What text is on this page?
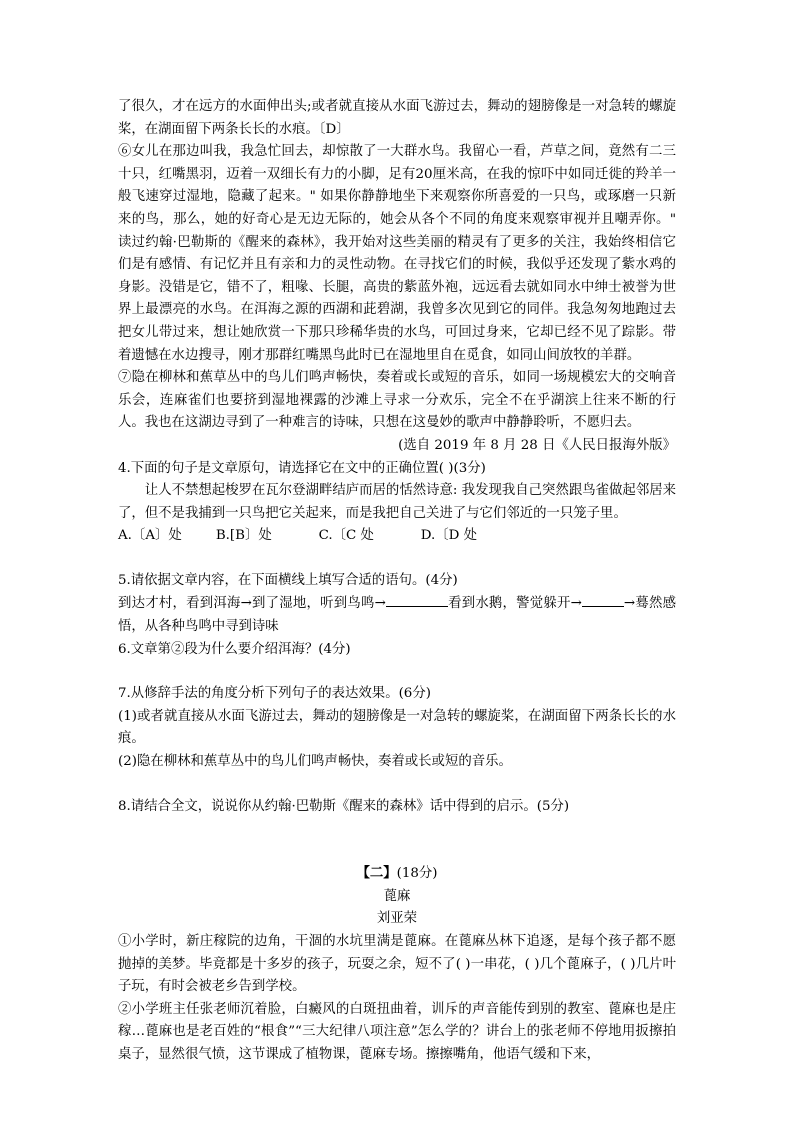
了很久，才在远方的水面伸出头;或者就直接从水面飞游过去，舞动的翅膀像是一对急转的螺旋桨，在湖面留下两条长长的水痕。〔D〕

⑥女儿在那边叫我，我急忙回去，却惊散了一大群水鸟。我留心一看，芦草之间，竟然有二三十只，红嘴黑羽，迈着一双细长有力的小脚，足有20厘米高，在我的惊吓中如同迁徙的羚羊一般飞速穿过湿地，隐藏了起来。" 如果你静静地坐下来观察你所喜爱的一只鸟，或琢磨一只新来的鸟，那么，她的好奇心是无边无际的，她会从各个不同的角度来观察审视并且嘲弄你。" 读过约翰·巴勒斯的《醒来的森林》，我开始对这些美丽的精灵有了更多的关注，我始终相信它们是有感情、有记忆并且有亲和力的灵性动物。在寻找它们的时候，我似乎还发现了紫水鸡的身影。没错是它，错不了，粗喙、长腿，高贵的紫蓝外袍，远远看去就如同水中绅士被誉为世界上最漂亮的水鸟。在洱海之源的西湖和茈碧湖，我曾多次见到它的同伴。我急匆匆地跑过去把女儿带过来，想让她欣赏一下那只珍稀华贵的水鸟，可回过身来，它却已经不见了踪影。带着遗憾在水边搜寻，刚才那群红嘴黑鸟此时已在湿地里自在觅食，如同山间放牧的羊群。

⑦隐在柳林和蕉草丛中的鸟儿们鸣声畅快，奏着或长或短的音乐，如同一场规模宏大的交响音乐会，连麻雀们也要挤到湿地裸露的沙滩上寻求一分欢乐，完全不在乎湖滨上往来不断的行人。我也在这湖边寻到了一种难言的诗味，只想在这曼妙的歌声中静静聆听，不愿归去。

(选自 2019 年 8 月 28 日《人民日报海外版》

4.下面的句子是文章原句，请选择它在文中的正确位置( )(3分)

让人不禁想起梭罗在瓦尔登湖畔结庐而居的恬然诗意: 我发现我自己突然跟鸟雀做起邻居来了，但不是我捕到一只鸟把它关起来，而是我把自己关进了与它们邻近的一只笼子里。

A.〔A〕处        B.[B〕处           C.〔C 处           D.〔D 处

5.请依据文章内容，在下面横线上填写合适的语句。(4分)

到达才村，看到洱海→到了湿地，听到鸟鸣→	看到水鹅，警觉躲开→	→蓦然感悟，从各种鸟鸣中寻到诗味

6.文章第②段为什么要介绍洱海？(4分)

7.从修辞手法的角度分析下列句子的表达效果。(6分)

(1)或者就直接从水面飞游过去，舞动的翅膀像是一对急转的螺旋桨，在湖面留下两条长长的水痕。

(2)隐在柳林和蕉草丛中的鸟儿们鸣声畅快，奏着或长或短的音乐。

8.请结合全文，说说你从约翰·巴勒斯《醒来的森林》话中得到的启示。(5分)

【二】(18分)

蓖麻

刘亚荣

①小学时，新庄稼院的边角，干涸的水坑里满是蓖麻。在蓖麻丛林下追逐，是每个孩子都不愿抛掉的美梦。毕竟都是十多岁的孩子，玩耍之余，短不了( )一串花，( )几个蓖麻子，( )几片叶子玩，有时会被老乡告到学校。

②小学班主任张老师沉着脸，白癜风的白斑扭曲着，训斥的声音能传到别的教室、蓖麻也是庄稼…蓖麻也是老百姓的“根食”“三大纪律八项注意”怎么学的？讲台上的张老师不停地用扳擦拍桌子，显然很气愤，这节课成了植物课，蓖麻专场。擦擦嘴角，他语气缓和下来，
